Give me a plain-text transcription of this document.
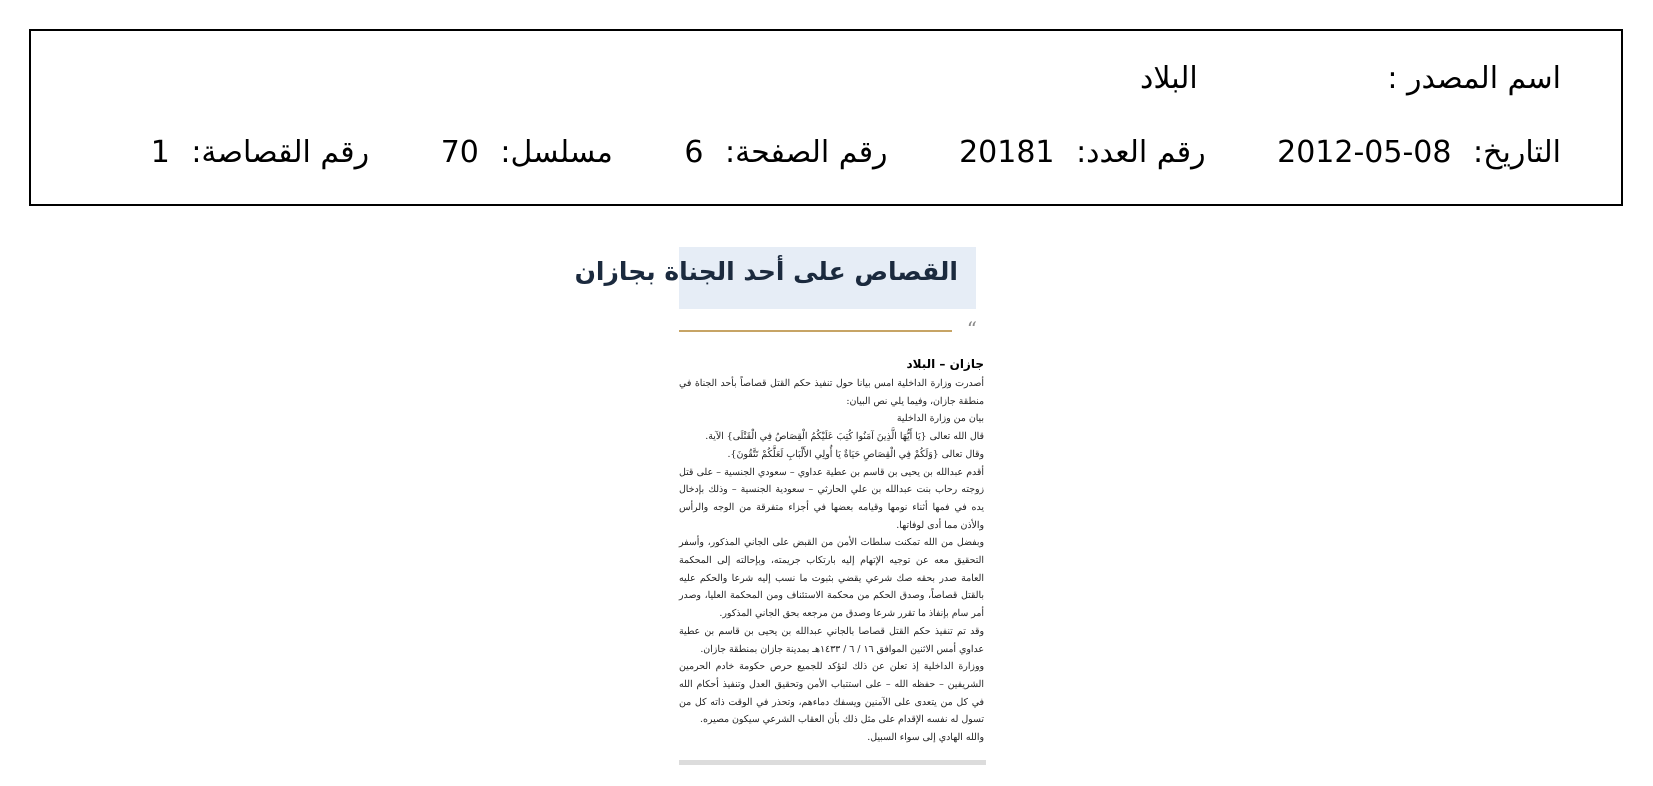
اسم المصدر : البلاد
التاريخ: 2012-05-08 رقم العدد: 20181 رقم الصفحة: 6 مسلسل: 70 رقم القصاصة: 1
القصاص على أحد الجناة بجازان
“
جازان – البلاد

أصدرت وزارة الداخلية امس بيانا حول تنفيذ حكم القتل قصاصاً بأحد الجناة في منطقة جازان، وفيما يلي نص البيان:

بيان من وزارة الداخلية

قال الله تعالى {يَا أَيُّهَا الَّذِينَ آمَنُوا كُتِبَ عَلَيْكُمُ الْقِصَاصُ فِي الْقَتْلَى} الآية.

وقال تعالى {وَلَكُمْ فِي الْقِصَاصِ حَيَاةٌ يَا أُولِي الأَلْبَابِ لَعَلَّكُمْ تَتَّقُونَ}.

أقدم عبدالله بن يحيى بن قاسم بن عطية عداوي – سعودي الجنسية – على قتل زوجته رحاب بنت عبدالله بن علي الحارثي – سعودية الجنسية – وذلك بإدخال يده في فمها أثناء نومها وقيامه بعضها في أجزاء متفرقة من الوجه والرأس والأذن مما أدى لوفاتها.

وبفضل من الله تمكنت سلطات الأمن من القبض على الجاني المذكور، وأسفر التحقيق معه عن توجيه الإتهام إليه بارتكاب جريمته، وبإحالته إلى المحكمة العامة صدر بحقه صك شرعي يقضي بثبوت ما نسب إليه شرعا والحكم عليه بالقتل قصاصاً، وصدق الحكم من محكمة الاستئناف ومن المحكمة العليا، وصدر أمر سام بإنفاذ ما تقرر شرعا وصدق من مرجعه بحق الجاني المذكور.

وقد تم تنفيذ حكم القتل قصاصا بالجاني عبدالله بن يحيى بن قاسم بن عطية عداوي أمس الاثنين الموافق ١٦ / ٦ / ١٤٣٣هـ بمدينة جازان بمنطقة جازان.

ووزارة الداخلية إذ تعلن عن ذلك لتؤكد للجميع حرص حكومة خادم الحرمين الشريفين – حفظه الله – على استتباب الأمن وتحقيق العدل وتنفيذ أحكام الله في كل من يتعدى على الآمنين ويسفك دماءهم، وتحذر في الوقت ذاته كل من تسول له نفسه الإقدام على مثل ذلك بأن العقاب الشرعي سيكون مصيره.

والله الهادي إلى سواء السبيل.
